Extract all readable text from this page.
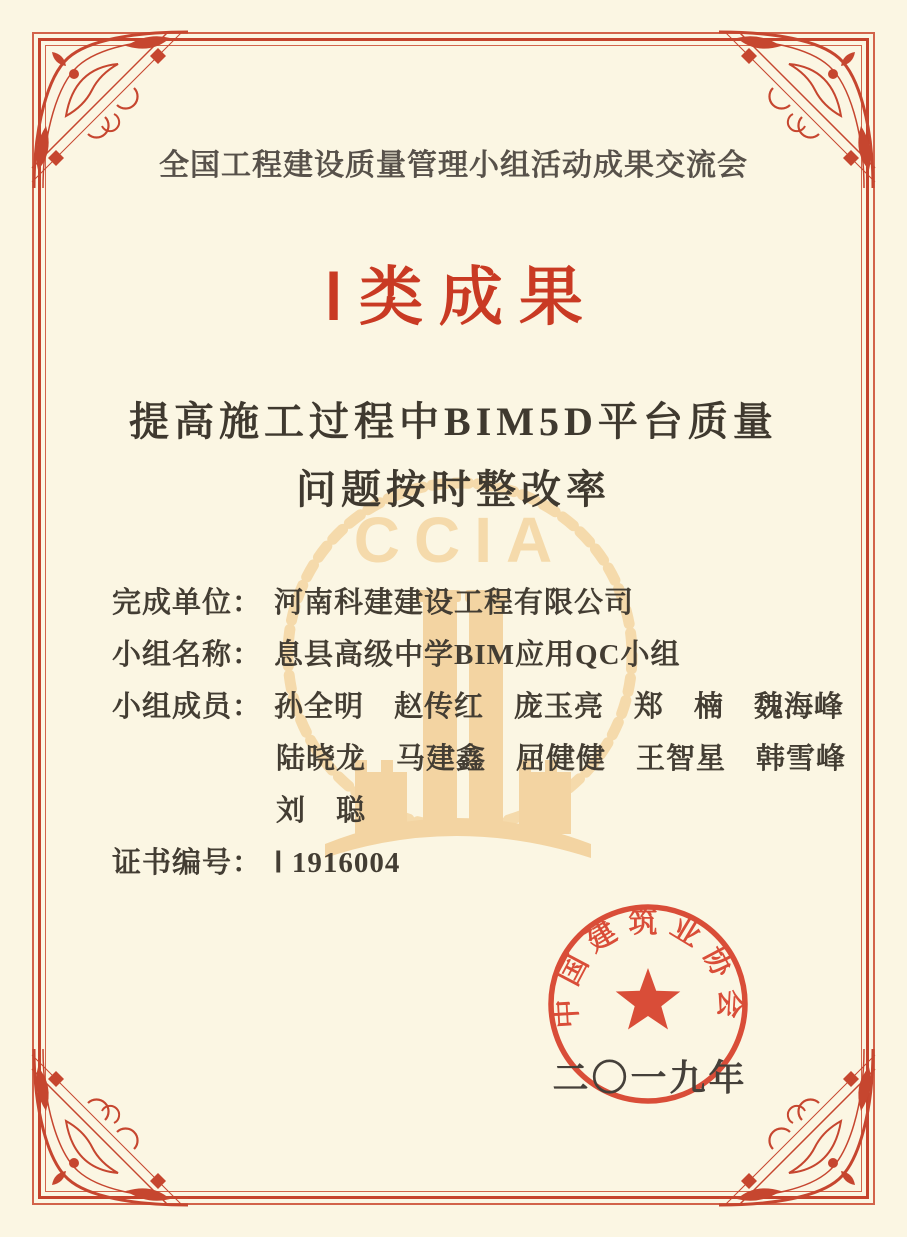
CCIA
全国工程建设质量管理小组活动成果交流会
Ⅰ类成果
提高施工过程中BIM5D平台质量
问题按时整改率
完成单位： 河南科建建设工程有限公司
小组名称： 息县高级中学BIM应用QC小组
小组成员： 孙全明　赵传红　庞玉亮　郑　楠　魏海峰
陆晓龙　马建鑫　屈健健　王智星　韩雪峰
刘　聪
证书编号： Ⅰ 1916004
中国建筑业协会
二〇一九年
